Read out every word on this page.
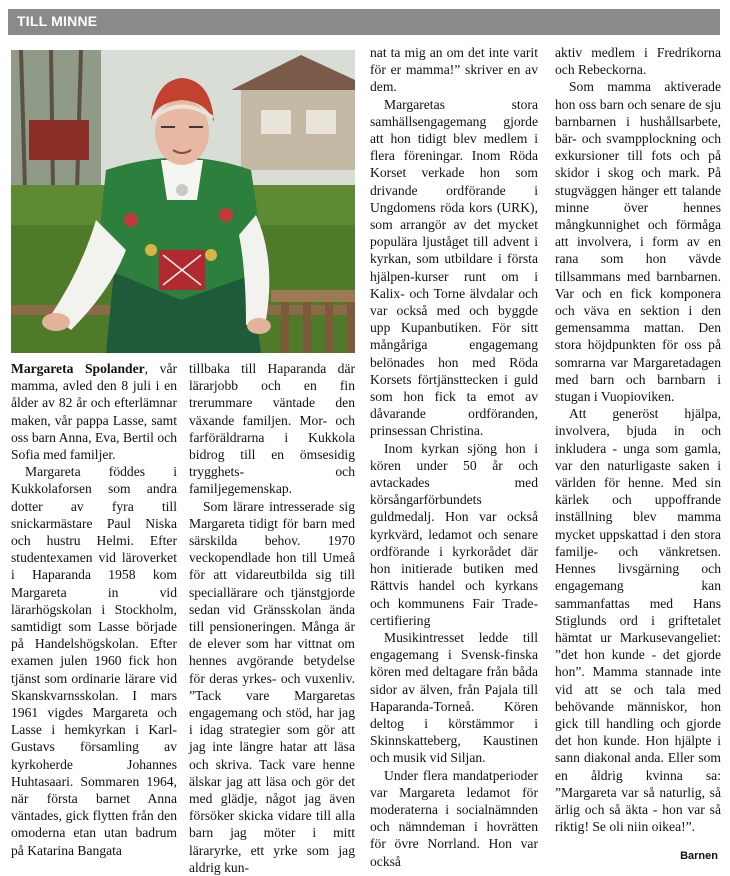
TILL MINNE

Margareta Spolander, vår mamma, avled den 8 juli i en ålder av 82 år och efterlämnar maken, vår pappa Lasse, samt oss barn Anna, Eva, Bertil och Sofia med familjer.

Margareta föddes i Kukkolaforsen som andra dotter av fyra till snickarmästare Paul Niska och hustru Helmi. Efter studentexamen vid läroverket i Haparanda 1958 kom Margareta in vid lärarhögskolan i Stockholm, samtidigt som Lasse började på Handelshögskolan. Efter examen julen 1960 fick hon tjänst som ordinarie lärare vid Skanskvarnsskolan. I mars 1961 vigdes Margareta och Lasse i hemkyrkan i Karl-Gustavs församling av kyrkoherde Johannes Huhtasaari. Sommaren 1964, när första barnet Anna väntades, gick flytten från den omoderna etan utan badrum på Katarina Bangata

tillbaka till Haparanda där lärarjobb och en fin trerummare väntade den växande familjen. Mor- och farföräldrarna i Kukkola bidrog till en ömsesidig trygghets- och familjegemenskap.

Som lärare intresserade sig Margareta tidigt för barn med särskilda behov. 1970 veckopendlade hon till Umeå för att vidareutbilda sig till speciallärare och tjänstgjorde sedan vid Gränsskolan ända till pensioneringen. Många är de elever som har vittnat om hennes avgörande betydelse för deras yrkes- och vuxenliv. ”Tack vare Margaretas engagemang och stöd, har jag i idag strategier som gör att jag inte längre hatar att läsa och skriva. Tack vare henne älskar jag att läsa och gör det med glädje, något jag även försöker skicka vidare till alla barn jag möter i mitt läraryrke, ett yrke som jag aldrig kun-

nat ta mig an om det inte varit för er mamma!” skriver en av dem.

Margaretas stora samhällsengagemang gjorde att hon tidigt blev medlem i flera föreningar. Inom Röda Korset verkade hon som drivande ordförande i Ungdomens röda kors (URK), som arrangör av det mycket populära ljuståget till advent i kyrkan, som utbildare i första hjälpen-kurser runt om i Kalix- och Torne älvdalar och var också med och byggde upp Kupanbutiken. För sitt mångåriga engagemang belönades hon med Röda Korsets förtjänsttecken i guld som hon fick ta emot av dåvarande ordföranden, prinsessan Christina.

Inom kyrkan sjöng hon i kören under 50 år och avtackades med körsångarförbundets guldmedalj. Hon var också kyrkvärd, ledamot och senare ordförande i kyrkorådet där hon initierade butiken med Rättvis handel och kyrkans och kommunens Fair Trade-certifiering

Musikintresset ledde till engagemang i Svensk-finska kören med deltagare från båda sidor av älven, från Pajala till Haparanda-Torneå. Kören deltog i körstämmor i Skinnskatteberg, Kaustinen och musik vid Siljan.

Under flera mandatperioder var Margareta ledamot för moderaterna i socialnämnden och nämndeman i hovrätten för övre Norrland. Hon var också

aktiv medlem i Fredrikorna och Rebeckorna.

Som mamma aktiverade hon oss barn och senare de sju barnbarnen i hushållsarbete, bär- och svampplockning och exkursioner till fots och på skidor i skog och mark. På stugväggen hänger ett talande minne över hennes mångkunnighet och förmåga att involvera, i form av en rana som hon vävde tillsammans med barnbarnen. Var och en fick komponera och väva en sektion i den gemensamma mattan. Den stora höjdpunkten för oss på somrarna var Margaretadagen med barn och barnbarn i stugan i Vuopioviken.

Att generöst hjälpa, involvera, bjuda in och inkludera - unga som gamla, var den naturligaste saken i världen för henne. Med sin kärlek och uppoffrande inställning blev mamma mycket uppskattad i den stora familje- och vänkretsen. Hennes livsgärning och engagemang kan sammanfattas med Hans Stiglunds ord i griftetalet hämtat ur Markusevangeliet: ”det hon kunde - det gjorde hon”. Mamma stannade inte vid att se och tala med behövande människor, hon gick till handling och gjorde det hon kunde. Hon hjälpte i sann diakonal anda. Eller som en åldrig kvinna sa: ”Margareta var så naturlig, så ärlig och så äkta - hon var så riktig! Se oli niin oikea!”.

Barnen
